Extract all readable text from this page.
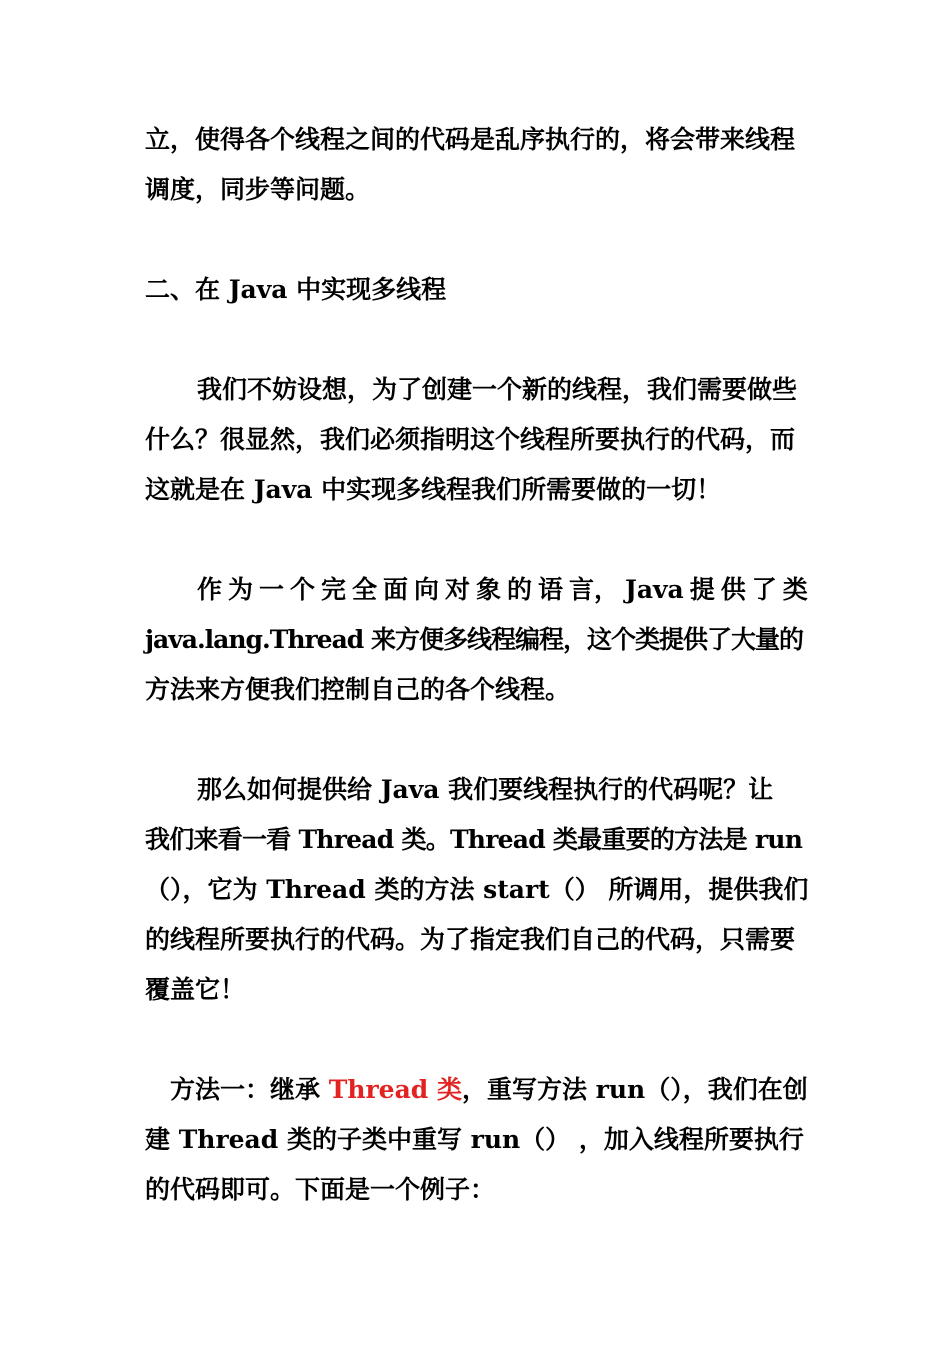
立，使得各个线程之间的代码是乱序执行的，将会带来线程
调度，同步等问题。
二、在 Java 中实现多线程
我们不妨设想，为了创建一个新的线程，我们需要做些
什么？很显然，我们必须指明这个线程所要执行的代码，而
这就是在 Java 中实现多线程我们所需要做的一切！
作 为 一 个 完 全 面 向 对 象 的 语 言， Java 提 供 了 类
java.lang.Thread 来方便多线程编程，这个类提供了大量的
方法来方便我们控制自己的各个线程。
那么如何提供给 Java 我们要线程执行的代码呢？让
我们来看一看 Thread 类。Thread 类最重要的方法是 run
（），它为 Thread 类的方法 start（） 所调用，提供我们
的线程所要执行的代码。为了指定我们自己的代码，只需要
覆盖它！
方法一：继承 Thread 类，重写方法 run（），我们在创
建 Thread 类的子类中重写 run（） ，加入线程所要执行
的代码即可。下面是一个例子：
